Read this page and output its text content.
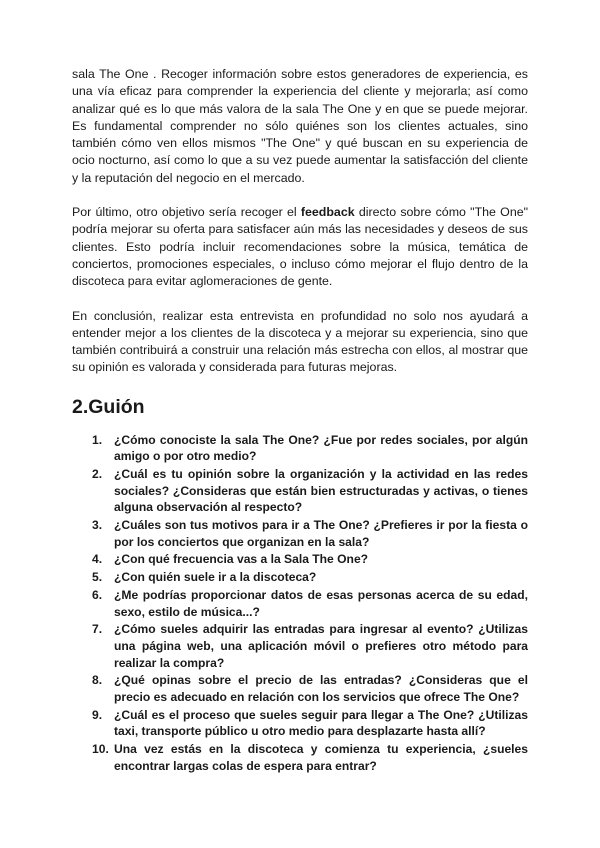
sala The One . Recoger información sobre estos generadores de experiencia, es una vía eficaz para comprender la experiencia del cliente y mejorarla; así como analizar qué es lo que más valora de la sala The One y en que se puede mejorar. Es fundamental comprender no sólo quiénes son los clientes actuales, sino también cómo ven ellos mismos "The One" y qué buscan en su experiencia de ocio nocturno, así como lo que a su vez puede aumentar la satisfacción del cliente y la reputación del negocio en el mercado.

Por último, otro objetivo sería recoger el feedback directo sobre cómo "The One" podría mejorar su oferta para satisfacer aún más las necesidades y deseos de sus clientes. Esto podría incluir recomendaciones sobre la música, temática de conciertos, promociones especiales, o incluso cómo mejorar el flujo dentro de la discoteca para evitar aglomeraciones de gente.

En conclusión, realizar esta entrevista en profundidad no solo nos ayudará a entender mejor a los clientes de la discoteca y a mejorar su experiencia, sino que también contribuirá a construir una relación más estrecha con ellos, al mostrar que su opinión es valorada y considerada para futuras mejoras.

2.Guión
1. ¿Cómo conociste la sala The One? ¿Fue por redes sociales, por algún amigo o por otro medio?
2. ¿Cuál es tu opinión sobre la organización y la actividad en las redes sociales? ¿Consideras que están bien estructuradas y activas, o tienes alguna observación al respecto?
3. ¿Cuáles son tus motivos para ir a The One? ¿Prefieres ir por la fiesta o por los conciertos que organizan en la sala?
4. ¿Con qué frecuencia vas a la Sala The One?
5. ¿Con quién suele ir a la discoteca?
6. ¿Me podrías proporcionar datos de esas personas acerca de su edad, sexo, estilo de música...?
7. ¿Cómo sueles adquirir las entradas para ingresar al evento? ¿Utilizas una página web, una aplicación móvil o prefieres otro método para realizar la compra?
8. ¿Qué opinas sobre el precio de las entradas? ¿Consideras que el precio es adecuado en relación con los servicios que ofrece The One?
9. ¿Cuál es el proceso que sueles seguir para llegar a The One? ¿Utilizas taxi, transporte público u otro medio para desplazarte hasta allí?
10. Una vez estás en la discoteca y comienza tu experiencia, ¿sueles encontrar largas colas de espera para entrar?
